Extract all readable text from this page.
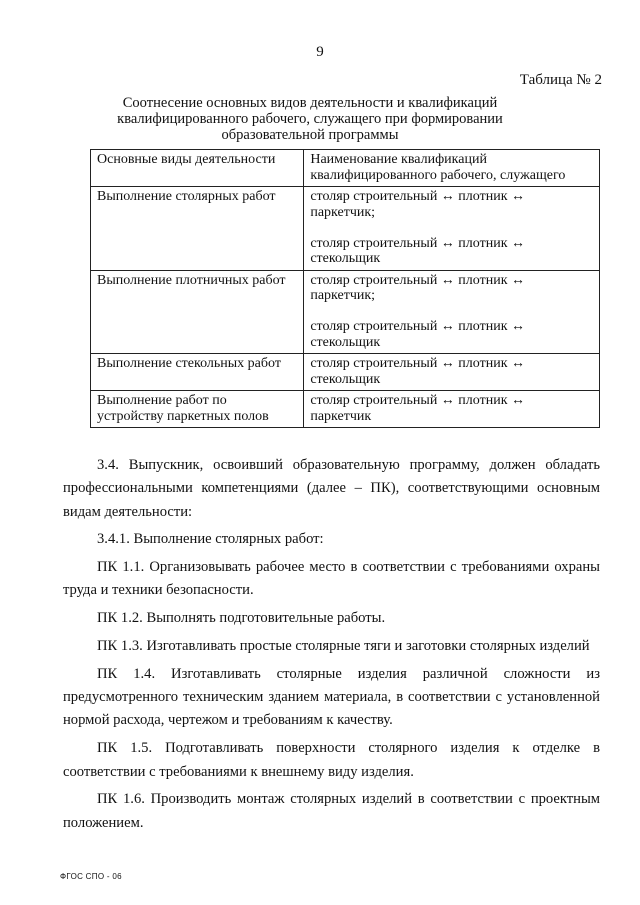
9
Таблица № 2
Соотнесение основных видов деятельности и квалификаций
квалифицированного рабочего, служащего при формировании
образовательной программы
Основные виды деятельности	Наименование квалификаций
квалифицированного рабочего, служащего

Выполнение столярных работ	столяр строительный ↔ плотник ↔
паркетчик;
столяр строительный ↔ плотник ↔
стекольщик

Выполнение плотничных работ	столяр строительный ↔ плотник ↔
паркетчик;
столяр строительный ↔ плотник ↔
стекольщик

Выполнение стекольных работ	столяр строительный ↔ плотник ↔
стекольщик

Выполнение работ по
устройству паркетных полов	столяр строительный ↔ плотник ↔
паркетчик

3.4. Выпускник, освоивший образовательную программу, должен обладать профессиональными компетенциями (далее – ПК), соответствующими основным видам деятельности:

3.4.1. Выполнение столярных работ:

ПК 1.1. Организовывать рабочее место в соответствии с требованиями охраны труда и техники безопасности.

ПК 1.2. Выполнять подготовительные работы.

ПК 1.3. Изготавливать простые столярные тяги и заготовки столярных изделий

ПК 1.4. Изготавливать столярные изделия различной сложности из предусмотренного техническим зданием материала, в соответствии с установленной нормой расхода, чертежом и требованиям к качеству.

ПК 1.5. Подготавливать поверхности столярного изделия к отделке в соответствии с требованиями к внешнему виду изделия.

ПК 1.6. Производить монтаж столярных изделий в соответствии с проектным положением.

ФГОС СПО - 06
